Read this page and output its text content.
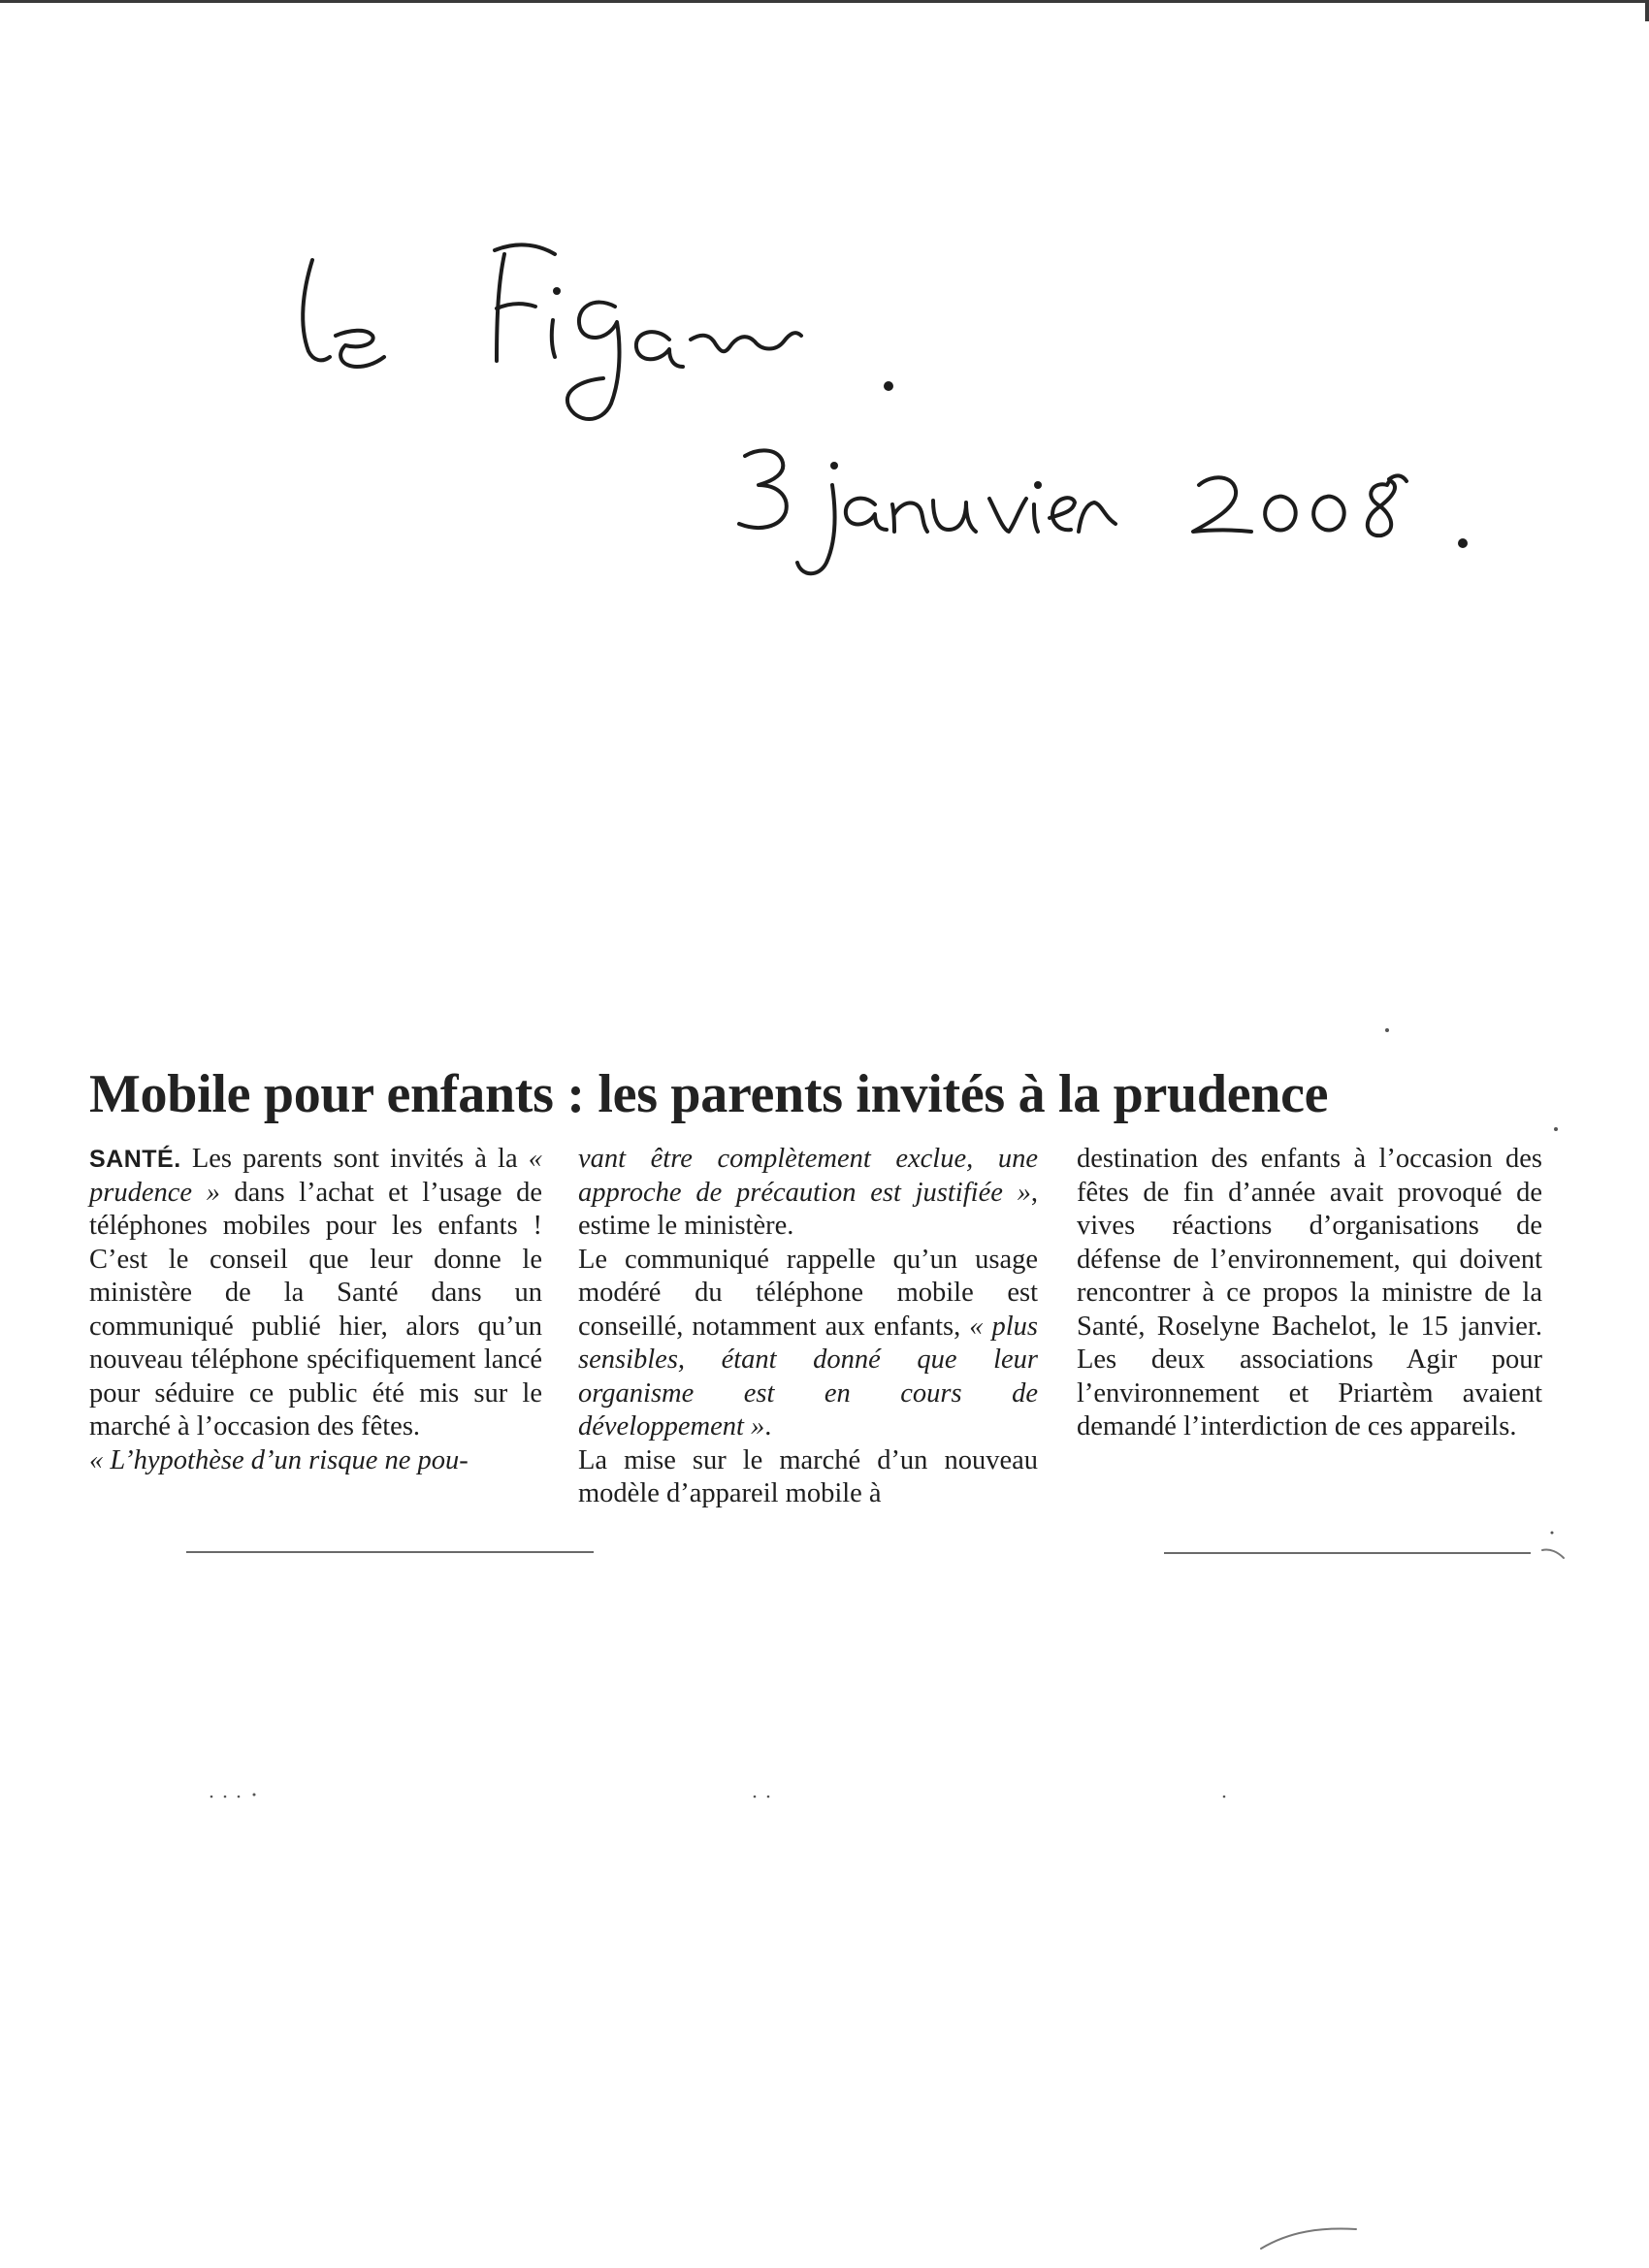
Mobile pour enfants : les parents invités à la prudence

SANTÉ. Les parents sont invités à la « prudence » dans l’achat et l’usage de téléphones mobiles pour les enfants ! C’est le conseil que leur donne le ministère de la Santé dans un communiqué publié hier, alors qu’un nouveau téléphone spécifiquement lancé pour séduire ce public été mis sur le marché à l’occasion des fêtes.

« L’hypothèse d’un risque ne pou-

vant être complètement exclue, une approche de précaution est justifiée », estime le ministère.

Le communiqué rappelle qu’un usage modéré du téléphone mobile est conseillé, notamment aux enfants, « plus sensibles, étant donné que leur organisme est en cours de développement ».

La mise sur le marché d’un nouveau modèle d’appareil mobile à

destination des enfants à l’occasion des fêtes de fin d’année avait provoqué de vives réactions d’organisations de défense de l’environnement, qui doivent rencontrer à ce propos la ministre de la Santé, Roselyne Bachelot, le 15 janvier. Les deux associations Agir pour l’environnement et Priartèm avaient demandé l’interdiction de ces appareils.
